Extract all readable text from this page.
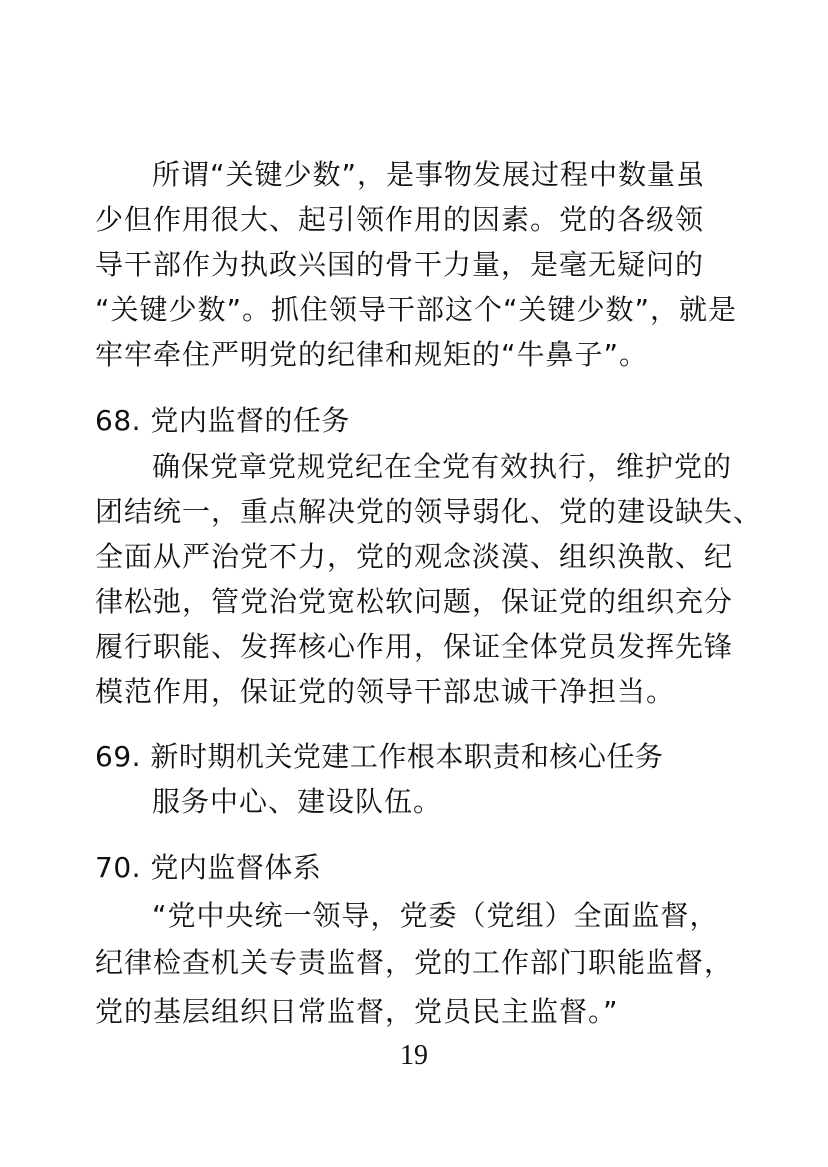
所谓“关键少数”，是事物发展过程中数量虽
少但作用很大、起引领作用的因素。党的各级领
导干部作为执政兴国的骨干力量，是毫无疑问的
“关键少数”。抓住领导干部这个“关键少数”，就是
牢牢牵住严明党的纪律和规矩的“牛鼻子”。
68. 党内监督的任务
确保党章党规党纪在全党有效执行，维护党的
团结统一，重点解决党的领导弱化、党的建设缺失、
全面从严治党不力，党的观念淡漠、组织涣散、纪
律松弛，管党治党宽松软问题，保证党的组织充分
履行职能、发挥核心作用，保证全体党员发挥先锋
模范作用，保证党的领导干部忠诚干净担当。
69. 新时期机关党建工作根本职责和核心任务
服务中心、建设队伍。
70. 党内监督体系
“党中央统一领导，党委（党组）全面监督，
纪律检查机关专责监督，党的工作部门职能监督，
党的基层组织日常监督，党员民主监督。”
19
